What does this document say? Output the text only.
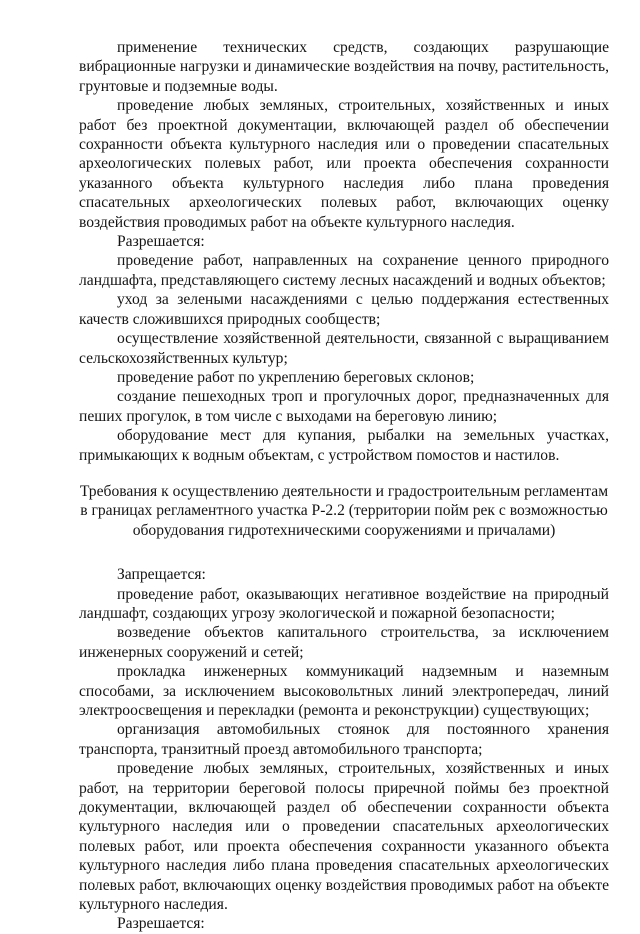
применение технических средств, создающих разрушающие вибрационные нагрузки и динамические воздействия на почву, растительность, грунтовые и подземные воды.

проведение любых земляных, строительных, хозяйственных и иных работ без проектной документации, включающей раздел об обеспечении сохранности объекта культурного наследия или о проведении спасательных археологических полевых работ, или проекта обеспечения сохранности указанного объекта культурного наследия либо плана проведения спасательных археологических полевых работ, включающих оценку воздействия проводимых работ на объекте культурного наследия.

Разрешается:

проведение работ, направленных на сохранение ценного природного ландшафта, представляющего систему лесных насаждений и водных объектов;

уход за зелеными насаждениями с целью поддержания естественных качеств сложившихся природных сообществ;

осуществление хозяйственной деятельности, связанной с выращиванием сельскохозяйственных культур;

проведение работ по укреплению береговых склонов;

создание пешеходных троп и прогулочных дорог, предназначенных для пеших прогулок, в том числе с выходами на береговую линию;

оборудование мест для купания, рыбалки на земельных участках, примыкающих к водным объектам, с устройством помостов и настилов.

Требования к осуществлению деятельности и градостроительным регламентам
в границах регламентного участка Р-2.2 (территории пойм рек с возможностью
оборудования гидротехническими сооружениями и причалами)

Запрещается:

проведение работ, оказывающих негативное воздействие на природный ландшафт, создающих угрозу экологической и пожарной безопасности;

возведение объектов капитального строительства, за исключением инженерных сооружений и сетей;

прокладка инженерных коммуникаций надземным и наземным способами, за исключением высоковольтных линий электропередач, линий электроосвещения и перекладки (ремонта и реконструкции) существующих;

организация автомобильных стоянок для постоянного хранения транспорта, транзитный проезд автомобильного транспорта;

проведение любых земляных, строительных, хозяйственных и иных работ, на территории береговой полосы приречной поймы без проектной документации, включающей раздел об обеспечении сохранности объекта культурного наследия или о проведении спасательных археологических полевых работ, или проекта обеспечения сохранности указанного объекта культурного наследия либо плана проведения спасательных археологических полевых работ, включающих оценку воздействия проводимых работ на объекте культурного наследия.

Разрешается:
